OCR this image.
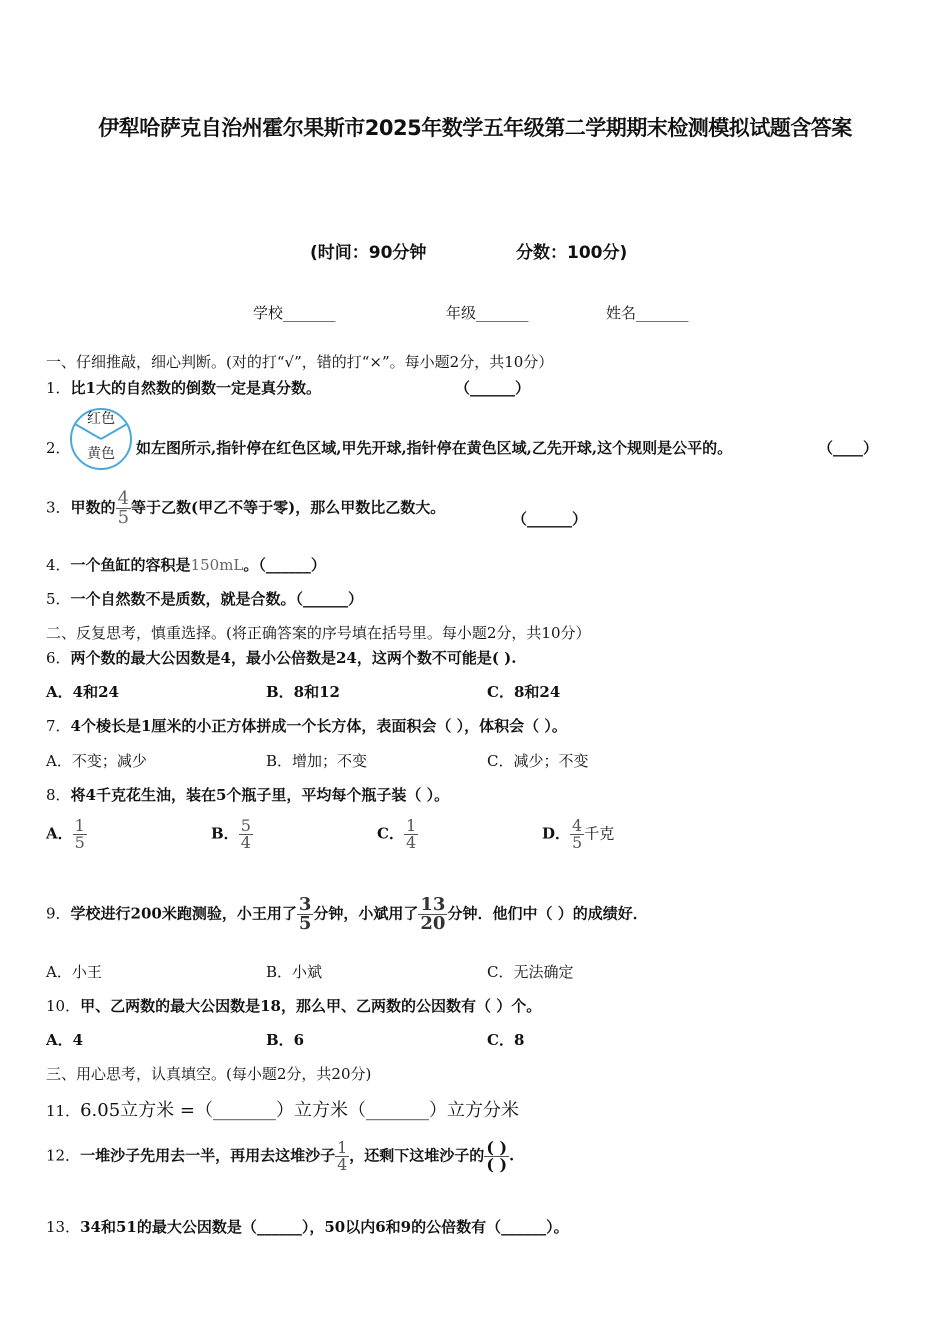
伊犁哈萨克自治州霍尔果斯市2025年数学五年级第二学期期末检测模拟试题含答案
(时间：90分钟	分数：100分)
学校_______	年级_______	姓名_______
一、仔细推敲，细心判断。(对的打“√”，错的打“×”。每小题2分，共10分）
1．比1大的自然数的倒数一定是真分数。	（______）
2．
红色
黄色 如左图所示,指针停在红色区域,甲先开球,指针停在黄色区域,乙先开球,这个规则是公平的。	（____）
3．甲数的 $\frac{4}{5}$ 等于乙数(甲乙不等于零)，那么甲数比乙数大。
（______）
4．一个鱼缸的容积是150mL。（______）
5．一个自然数不是质数，就是合数。（______）
二、反复思考，慎重选择。(将正确答案的序号填在括号里。每小题2分，共10分）
6．两个数的最大公因数是4，最小公倍数是24，这两个数不可能是( ).
A．4和24	B．8和12	C．8和24
7．4个棱长是1厘米的小正方体拼成一个长方体，表面积会（ ），体积会（ ）。
A．不变；减少	B．增加；不变	C．减少；不变
8．将4千克花生油，装在5个瓶子里，平均每个瓶子装（ ）。
A． $\frac{1}{5}$	B． $\frac{5}{4}$	C． $\frac{1}{4}$	D． $\frac{4}{5}$ 千克
9．学校进行200米跑测验，小王用了 $\frac{3}{5}$ 分钟，小斌用了 $\frac{13}{20}$ 分钟．他们中（ ）的成绩好．
A．小王	B．小斌	C．无法确定
10．甲、乙两数的最大公因数是18，那么甲、乙两数的公因数有（ ）个。
A．4	B．6	C．8
三、用心思考，认真填空。(每小题2分，共20分)
11．6.05立方米 =（_______）立方米（_______）立方分米
12．一堆沙子先用去一半，再用去这堆沙子 $\frac{1}{4}$ ，还剩下这堆沙子的 $\frac{( )}{( )}$ .
13．34和51的最大公因数是（______），50以内6和9的公倍数有（______）。
